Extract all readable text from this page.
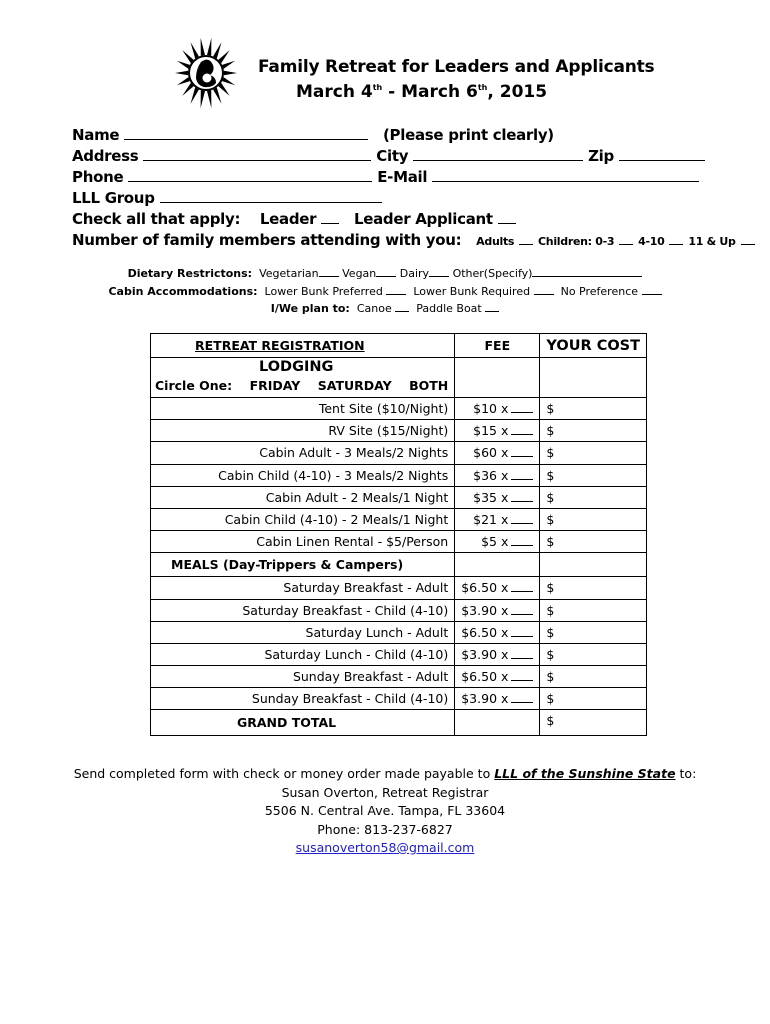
Family Retreat for Leaders and Applicants
March 4th - March 6th, 2015
Name	(Please print clearly)
Address	City	Zip
Phone	E-Mail
LLL Group
Check all that apply: Leader	Leader Applicant
Number of family members attending with you: Adults Children: 0-3 4-10 11 & Up
Dietary Restrictons: Vegetarian Vegan Dairy Other(Specify)
Cabin Accommodations: Lower Bunk Preferred	Lower Bunk Required	No Preference
I/We plan to: Canoe Paddle Boat
RETREAT REGISTRATION	FEE	YOUR COST

LODGING
Circle One: FRIDAY SATURDAY BOTH		

Tent Site ($10/Night)	$10 x	$
RV Site ($15/Night)	$15 x	$
Cabin Adult - 3 Meals/2 Nights	$60 x	$
Cabin Child (4-10) - 3 Meals/2 Nights	$36 x	$
Cabin Adult - 2 Meals/1 Night	$35 x	$
Cabin Child (4-10) - 2 Meals/1 Night	$21 x	$
Cabin Linen Rental - $5/Person	$5 x	$
MEALS (Day-Trippers & Campers)		
Saturday Breakfast - Adult	$6.50 x	$
Saturday Breakfast - Child (4-10)	$3.90 x	$
Saturday Lunch - Adult	$6.50 x	$
Saturday Lunch - Child (4-10)	$3.90 x	$
Sunday Breakfast - Adult	$6.50 x	$
Sunday Breakfast - Child (4-10)	$3.90 x	$
GRAND TOTAL		$
Send completed form with check or money order made payable to LLL of the Sunshine State to:
Susan Overton, Retreat Registrar
5506 N. Central Ave. Tampa, FL 33604
Phone: 813-237-6827
susanoverton58@gmail.com
